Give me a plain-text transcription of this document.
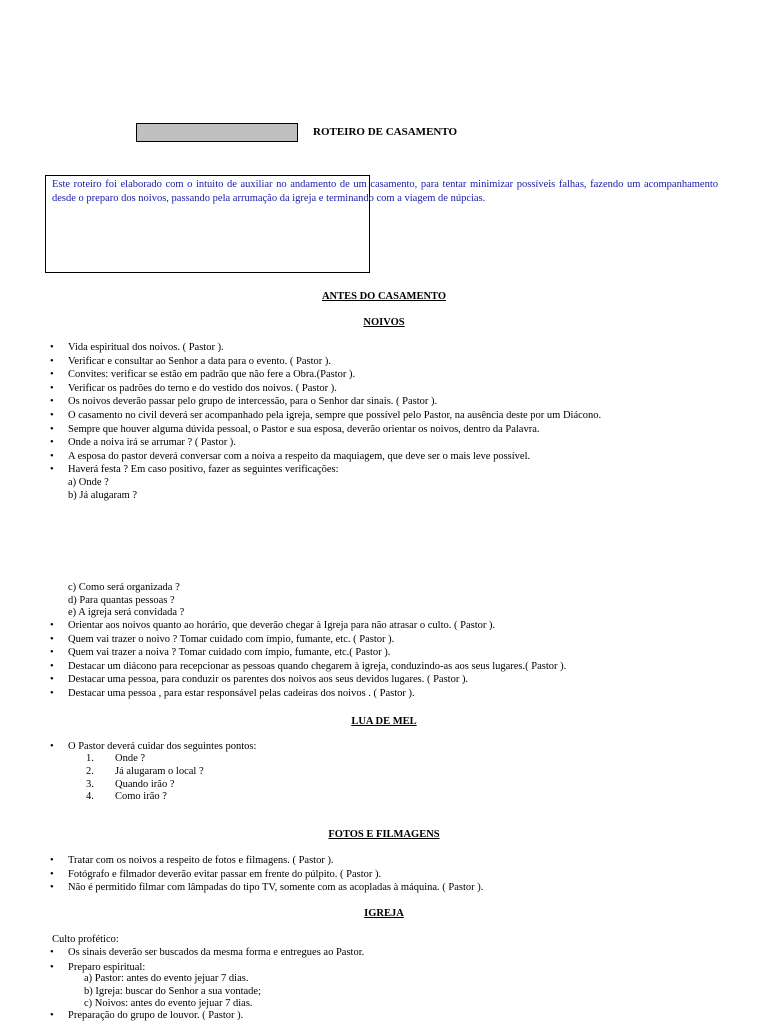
ROTEIRO DE CASAMENTO
Este roteiro foi elaborado com o intuito de auxiliar no andamento de um casamento, para tentar minimizar possíveis falhas, fazendo um acompanhamento desde o preparo dos noivos, passando pela arrumação da igreja e terminando com a viagem de núpcias.
ANTES DO CASAMENTO
NOIVOS
• Vida espiritual dos noivos. ( Pastor ).
• Verificar e consultar ao Senhor a data para o evento. ( Pastor ).
• Convites: verificar se estão em padrão que não fere a Obra.(Pastor ).
• Verificar os padrões do terno e do vestido dos noivos. ( Pastor ).
• Os noivos deverão passar pelo grupo de intercessão, para o Senhor dar sinais. ( Pastor ).
• O casamento no civil deverá ser acompanhado pela igreja, sempre que possível pelo Pastor, na ausência deste por um Diácono.
• Sempre que houver alguma dúvida pessoal, o Pastor e sua esposa, deverão orientar os noivos, dentro da Palavra.
• Onde a noiva irá se arrumar ? ( Pastor ).
• A esposa do pastor deverá conversar com a noiva a respeito da maquiagem, que deve ser o mais leve possível.
• Haverá festa ? Em caso positivo, fazer as seguintes verificações:
a) Onde ?
b) Já alugaram ?
c) Como será organizada ?
d) Para quantas pessoas ?
e) A igreja será convidada ?
• Orientar aos noivos quanto ao horário, que deverão chegar à Igreja para não atrasar o culto. ( Pastor ).
• Quem vai trazer o noivo ? Tomar cuidado com ímpio, fumante, etc. ( Pastor ).
• Quem vai trazer a noiva ? Tomar cuidado com ímpio, fumante, etc.( Pastor ).
• Destacar um diácono para recepcionar as pessoas quando chegarem à igreja, conduzindo-as aos seus lugares.( Pastor ).
• Destacar uma pessoa, para conduzir os parentes dos noivos aos seus devidos lugares. ( Pastor ).
• Destacar uma pessoa , para estar responsável pelas cadeiras dos noivos . ( Pastor ).
LUA DE MEL
• O Pastor deverá cuidar dos seguintes pontos:
1. Onde ?
2. Já alugaram o local ?
3. Quando irão ?
4. Como irão ?
FOTOS E FILMAGENS
• Tratar com os noivos a respeito de fotos e filmagens. ( Pastor ).
• Fotógrafo e filmador deverão evitar passar em frente do púlpito. ( Pastor ).
• Não é permitido filmar com lâmpadas do tipo TV, somente com as acopladas à máquina. ( Pastor ).
IGREJA
Culto profético:
• Os sinais deverão ser buscados da mesma forma e entregues ao Pastor.
• Preparo espiritual:
a) Pastor: antes do evento jejuar 7 dias.
b) Igreja: buscar do Senhor a sua vontade;
c) Noivos: antes do evento jejuar 7 dias.
• Preparação do grupo de louvor. ( Pastor ).
